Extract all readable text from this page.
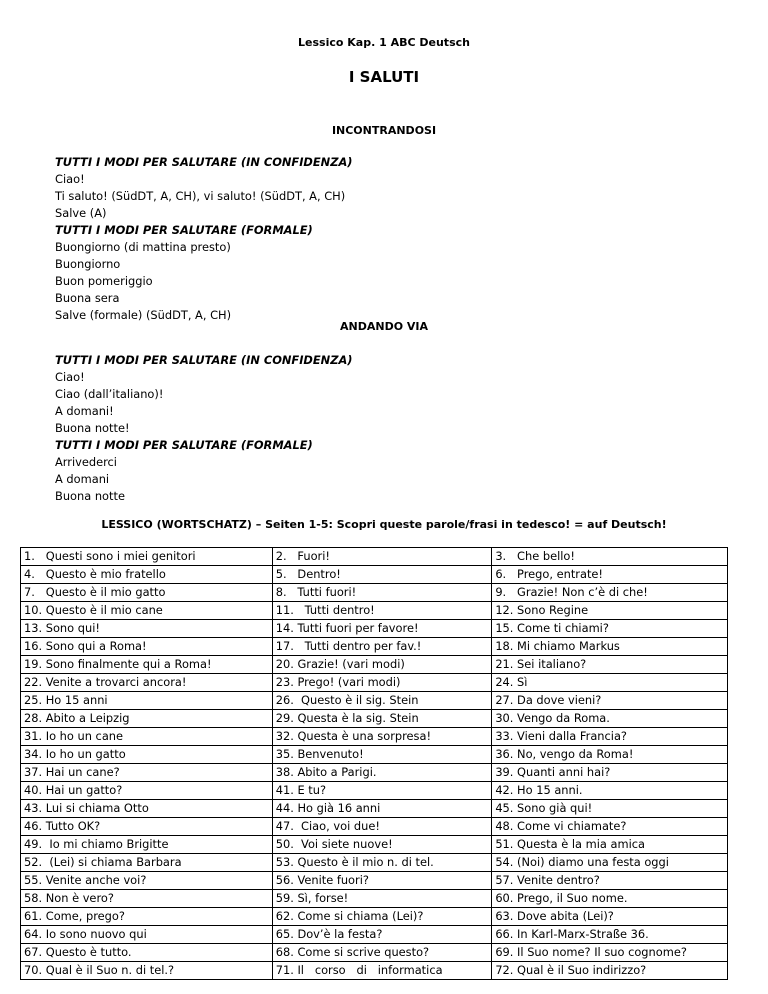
Lessico Kap. 1 ABC Deutsch
I SALUTI
INCONTRANDOSI
TUTTI I MODI PER SALUTARE (IN CONFIDENZA)
Ciao!
Ti saluto! (SüdDT, A, CH), vi saluto! (SüdDT, A, CH)
Salve (A)
TUTTI I MODI PER SALUTARE (FORMALE)
Buongiorno (di mattina presto)
Buongiorno
Buon pomeriggio
Buona sera
Salve (formale) (SüdDT, A, CH)
ANDANDO VIA
TUTTI I MODI PER SALUTARE (IN CONFIDENZA)
Ciao!
Ciao (dall’italiano)!
A domani!
Buona notte!
TUTTI I MODI PER SALUTARE (FORMALE)
Arrivederci
A domani
Buona notte
LESSICO (WORTSCHATZ) – Seiten 1-5: Scopri queste parole/frasi in tedesco! = auf Deutsch!
1.   Questi sono i miei genitori	2.   Fuori!	3.   Che bello!
4.   Questo è mio fratello	5.   Dentro!	6.   Prego, entrate!
7.   Questo è il mio gatto	8.   Tutti fuori!	9.   Grazie! Non c’è di che!
10. Questo è il mio cane	11.   Tutti dentro!	12. Sono Regine
13. Sono qui!	14. Tutti fuori per favore!	15. Come ti chiami?
16. Sono qui a Roma!	17.   Tutti dentro per fav.!	18. Mi chiamo Markus
19. Sono finalmente qui a Roma!	20. Grazie! (vari modi)	21. Sei italiano?
22. Venite a trovarci ancora!	23. Prego! (vari modi)	24. Sì
25. Ho 15 anni	26.  Questo è il sig. Stein	27. Da dove vieni?
28. Abito a Leipzig	29. Questa è la sig. Stein	30. Vengo da Roma.
31. Io ho un cane	32. Questa è una sorpresa!	33. Vieni dalla Francia?
34. Io ho un gatto	35. Benvenuto!	36. No, vengo da Roma!
37. Hai un cane?	38. Abito a Parigi.	39. Quanti anni hai?
40. Hai un gatto?	41. E tu?	42. Ho 15 anni.
43. Lui si chiama Otto	44. Ho già 16 anni	45. Sono già qui!
46. Tutto OK?	47.  Ciao, voi due!	48. Come vi chiamate?
49.  Io mi chiamo Brigitte	50.  Voi siete nuove!	51. Questa è la mia amica
52.  (Lei) si chiama Barbara	53. Questo è il mio n. di tel.	54. (Noi) diamo una festa oggi
55. Venite anche voi?	56. Venite fuori?	57. Venite dentro?
58. Non è vero?	59. Sì, forse!	60. Prego, il Suo nome.
61. Come, prego?	62. Come si chiama (Lei)?	63. Dove abita (Lei)?
64. Io sono nuovo qui	65. Dov’è la festa?	66. In Karl-Marx-Straße 36.
67. Questo è tutto.	68. Come si scrive questo?	69. Il Suo nome? Il suo cognome?
70. Qual è il Suo n. di tel.?	71. Il   corso   di   informatica	72. Qual è il Suo indirizzo?
